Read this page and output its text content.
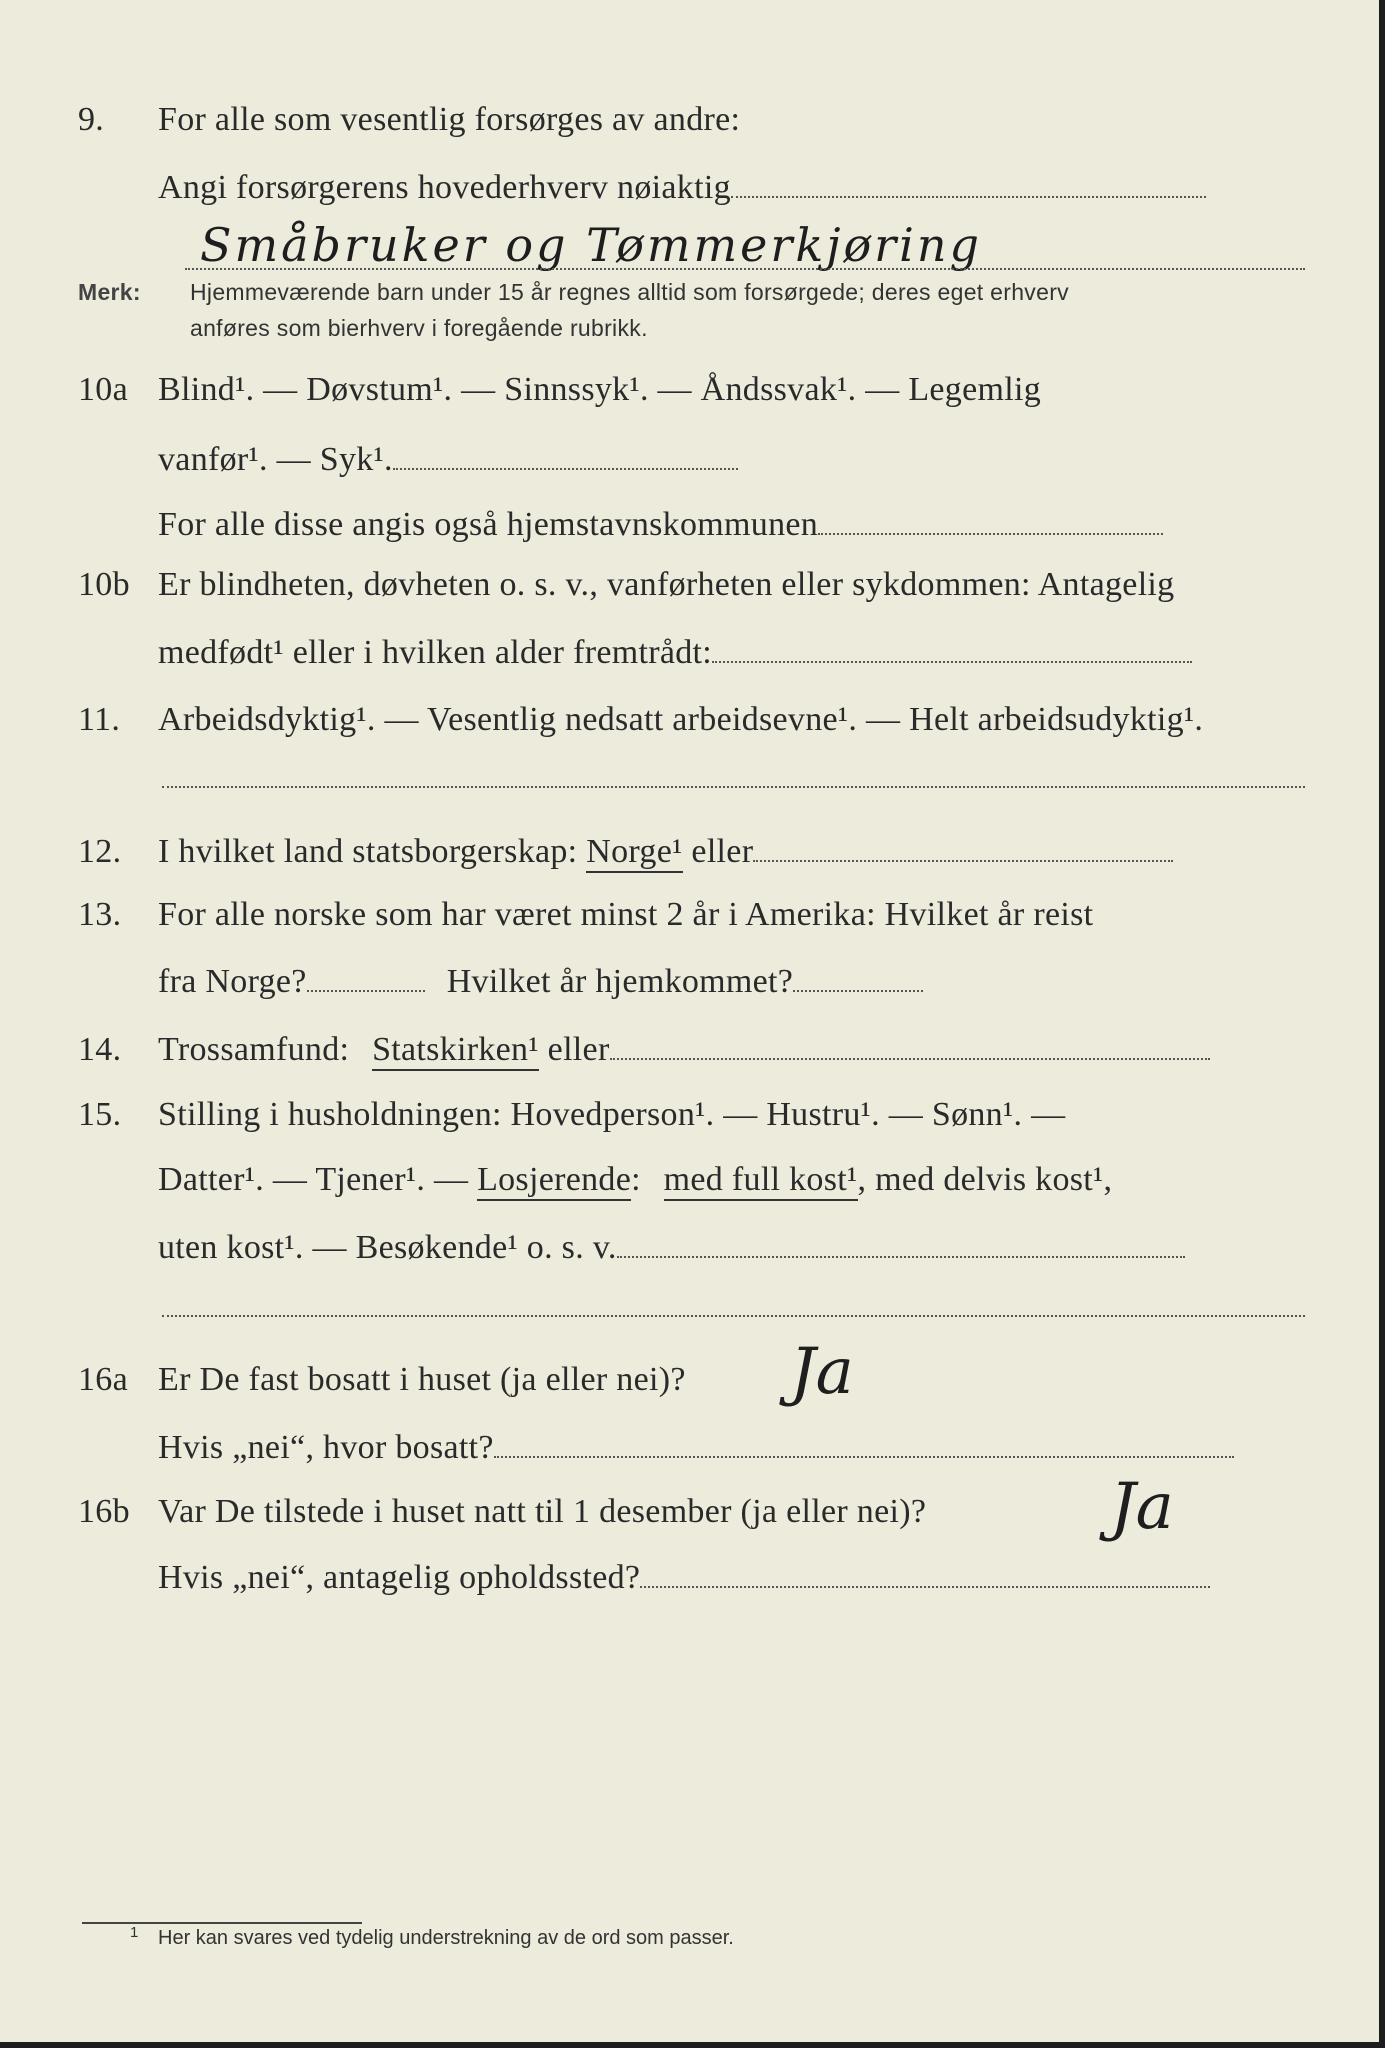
9. For alle som vesentlig forsørges av andre:
Angi forsørgerens hovederhverv nøiaktig
Småbruker og Tømmerkjøring
Merk: Hjemmeværende barn under 15 år regnes alltid som forsørgede; deres eget erhverv
anføres som bierhverv i foregående rubrikk.
10a Blind¹. — Døvstum¹. — Sinnssyk¹. — Åndssvak¹. — Legemlig
vanfør¹. — Syk¹.
For alle disse angis også hjemstavnskommunen
10b Er blindheten, døvheten o. s. v., vanførheten eller sykdommen: Antagelig
medfødt¹ eller i hvilken alder fremtrådt:
11. Arbeidsdyktig¹. — Vesentlig nedsatt arbeidsevne¹. — Helt arbeidsudyktig¹.
12. I hvilket land statsborgerskap: Norge¹ eller
13. For alle norske som har været minst 2 år i Amerika: Hvilket år reist
fra Norge?	Hvilket år hjemkommet?
14. Trossamfund: Statskirken¹ eller
15. Stilling i husholdningen: Hovedperson¹. — Hustru¹. — Sønn¹. —
Datter¹. — Tjener¹. — Losjerende: med full kost¹, med delvis kost¹,
uten kost¹. — Besøkende¹ o. s. v.
16a Er De fast bosatt i huset (ja eller nei)? Ja
Hvis „nei“, hvor bosatt?
16b Var De tilstede i huset natt til 1 desember (ja eller nei)?	Ja
Hvis „nei“, antagelig opholdssted?
1 Her kan svares ved tydelig understrekning av de ord som passer.
